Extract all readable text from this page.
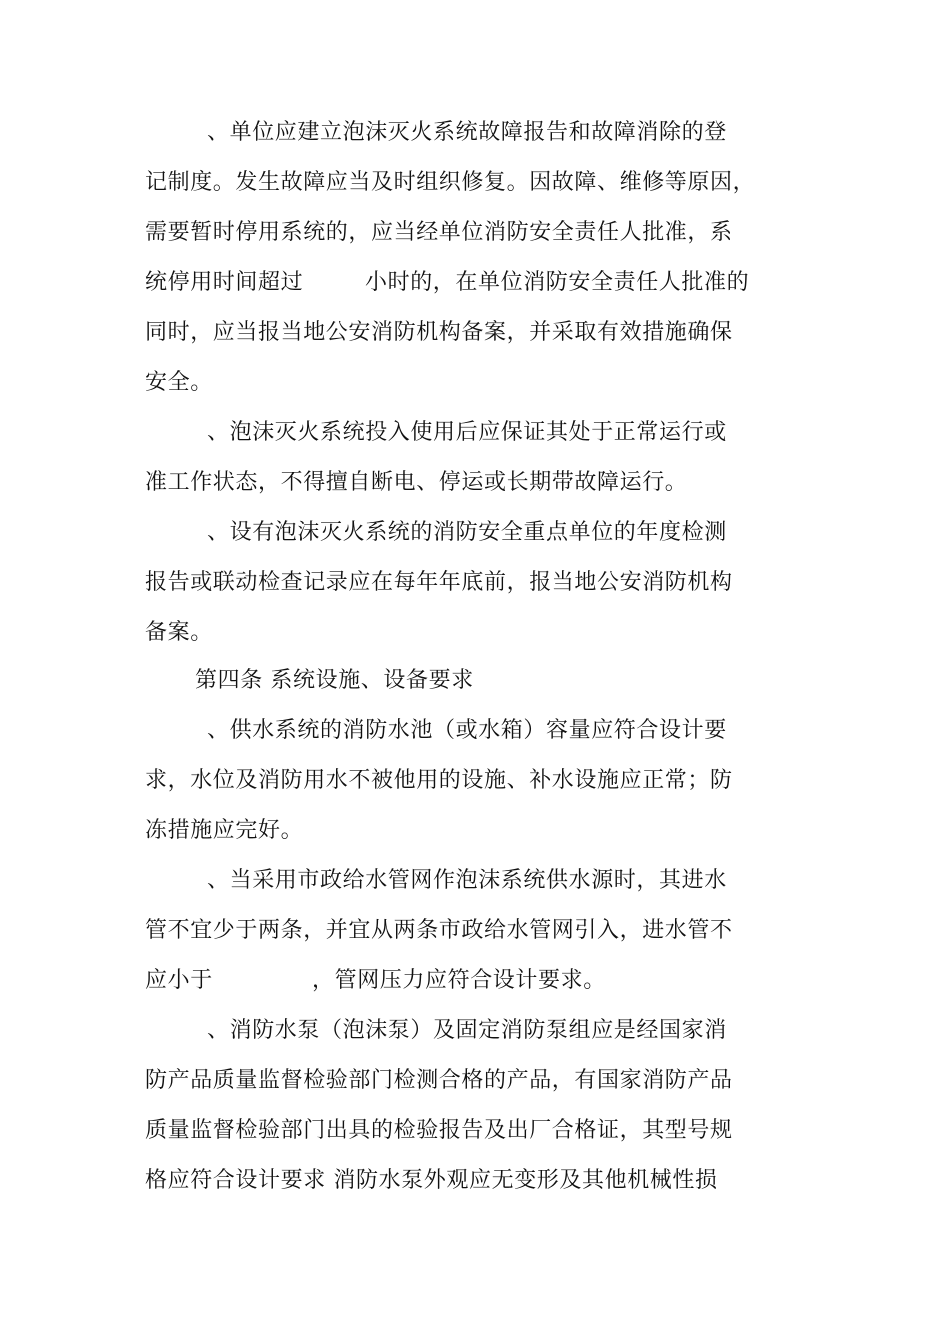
、单位应建立泡沫灭火系统故障报告和故障消除的登
记制度。发生故障应当及时组织修复。因故障、维修等原因，
需要暂时停用系统的，应当经单位消防安全责任人批准，系
统停用时间超过	小时的，在单位消防安全责任人批准的
同时，应当报当地公安消防机构备案，并采取有效措施确保
安全。
、泡沫灭火系统投入使用后应保证其处于正常运行或
准工作状态，不得擅自断电、停运或长期带故障运行。
、设有泡沫灭火系统的消防安全重点单位的年度检测
报告或联动检查记录应在每年年底前，报当地公安消防机构
备案。
第四条 系统设施、设备要求
、供水系统的消防水池（或水箱）容量应符合设计要
求，水位及消防用水不被他用的设施、补水设施应正常；防
冻措施应完好。
、当采用市政给水管网作泡沫系统供水源时，其进水
管不宜少于两条，并宜从两条市政给水管网引入，进水管不
应小于	，管网压力应符合设计要求。
、消防水泵（泡沫泵）及固定消防泵组应是经国家消
防产品质量监督检验部门检测合格的产品，有国家消防产品
质量监督检验部门出具的检验报告及出厂合格证，其型号规
格应符合设计要求 消防水泵外观应无变形及其他机械性损
